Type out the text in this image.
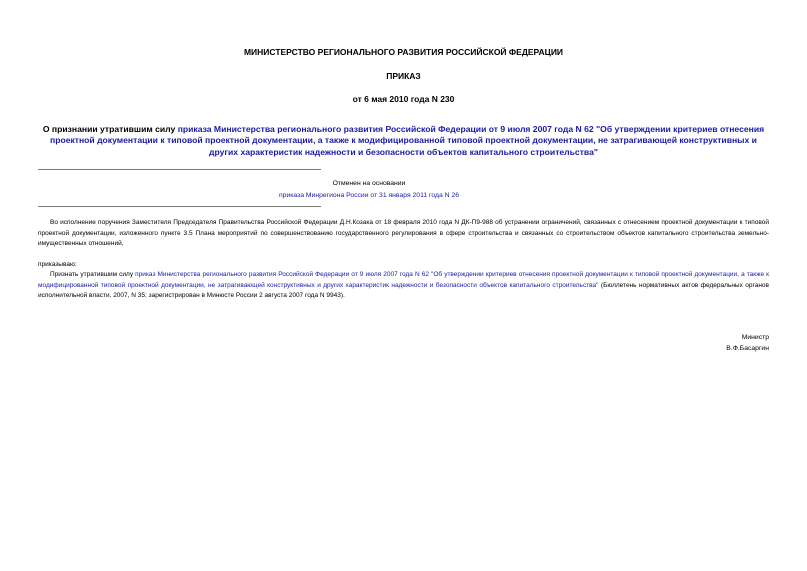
МИНИСТЕРСТВО РЕГИОНАЛЬНОГО РАЗВИТИЯ РОССИЙСКОЙ ФЕДЕРАЦИИ
ПРИКАЗ
от 6 мая 2010 года N 230
О признании утратившим силу приказа Министерства регионального развития Российской Федерации от 9 июля 2007 года N 62 "Об утверждении критериев отнесения проектной документации к типовой проектной документации, а также к модифицированной типовой проектной документации, не затрагивающей конструктивных и других характеристик надежности и безопасности объектов капитального строительства"
Отменен на основании
приказа Минрегиона России от 31 января 2011 года N 26
Во исполнение поручения Заместителя Председателя Правительства Российской Федерации Д.Н.Козака от 18 февраля 2010 года N ДК-П9-988 об устранении ограничений, связанных с отнесением проектной документации к типовой проектной документации, изложенного пункте 3.5 Плана мероприятий по совершенствованию государственного регулирования в сфере строительства и связанных со строительством объектов капитального строительства земельно-имущественных отношений,
приказываю:
Признать утратившим силу приказ Министерства регионального развития Российской Федерации от 9 июля 2007 года N 62 "Об утверждении критериев отнесения проектной документации к типовой проектной документации, а также к модифицированной типовой проектной документации, не затрагивающей конструктивных и других характеристик надежности и безопасности объектов капитального строительства" (Бюллетень нормативных актов федеральных органов исполнительной власти, 2007, N 35; зарегистрирован в Минюсте России 2 августа 2007 года N 9943).
Министр
В.Ф.Басаргин
